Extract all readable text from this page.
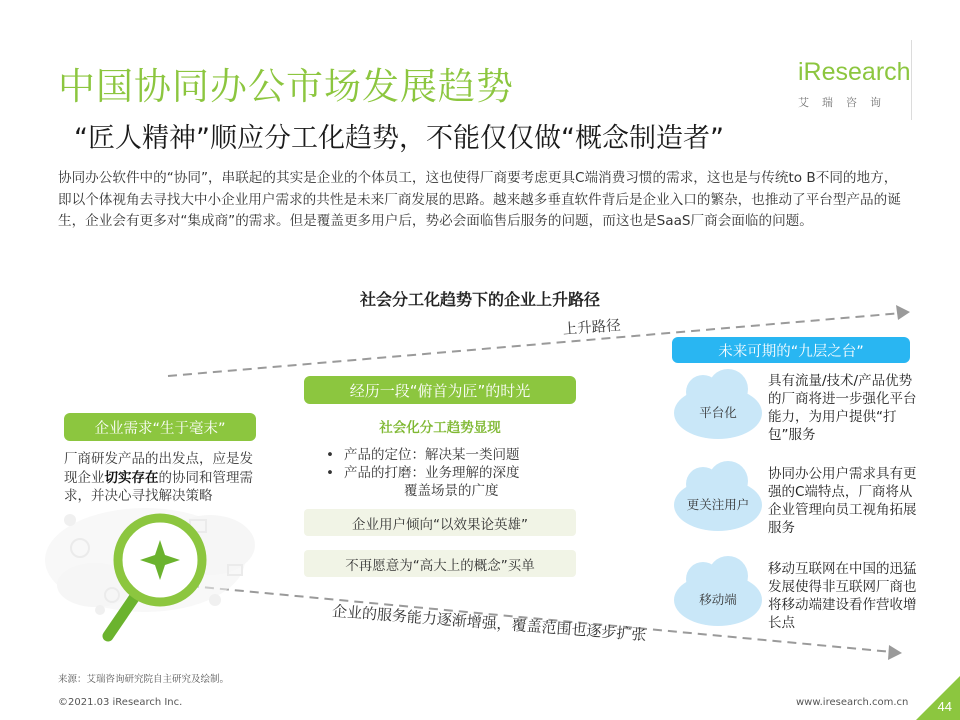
中国协同办公市场发展趋势
“匠人精神”顺应分工化趋势，不能仅仅做“概念制造者”
iResearch
艾瑞咨询
协同办公软件中的“协同”，串联起的其实是企业的个体员工，这也使得厂商要考虑更具C端消费习惯的需求，这也是与传统to B不同的地方，即以个体视角去寻找大中小企业用户需求的共性是未来厂商发展的思路。越来越多垂直软件背后是企业入口的繁杂，也推动了平台型产品的诞生，企业会有更多对“集成商”的需求。但是覆盖更多用户后，势必会面临售后服务的问题，而这也是SaaS厂商会面临的问题。
社会分工化趋势下的企业上升路径
上升路径
企业的服务能力逐渐增强，覆盖范围也逐步扩张
未来可期的“九层之台”
经历一段“俯首为匠”的时光
企业需求“生于毫末”	社会化分工趋势显现
• 产品的定位： 解决某一类问题
• 产品的打磨： 业务理解的深度
覆盖场景的广度
企业用户倾向“以效果论英雄”
不再愿意为“高大上的概念”买单
厂商研发产品的出发点，应是发现企业切实存在的协同和管理需求，并决心寻找解决策略
平台化
更关注用户
移动端
具有流量/技术/产品优势的厂商将进一步强化平台能力，为用户提供“打包”服务
协同办公用户需求具有更强的C端特点，厂商将从企业管理向员工视角拓展服务
移动互联网在中国的迅猛发展使得非互联网厂商也将移动端建设看作营收增长点
来源：艾瑞咨询研究院自主研究及绘制。
©2021.03 iResearch Inc.	www.iresearch.com.cn 44
